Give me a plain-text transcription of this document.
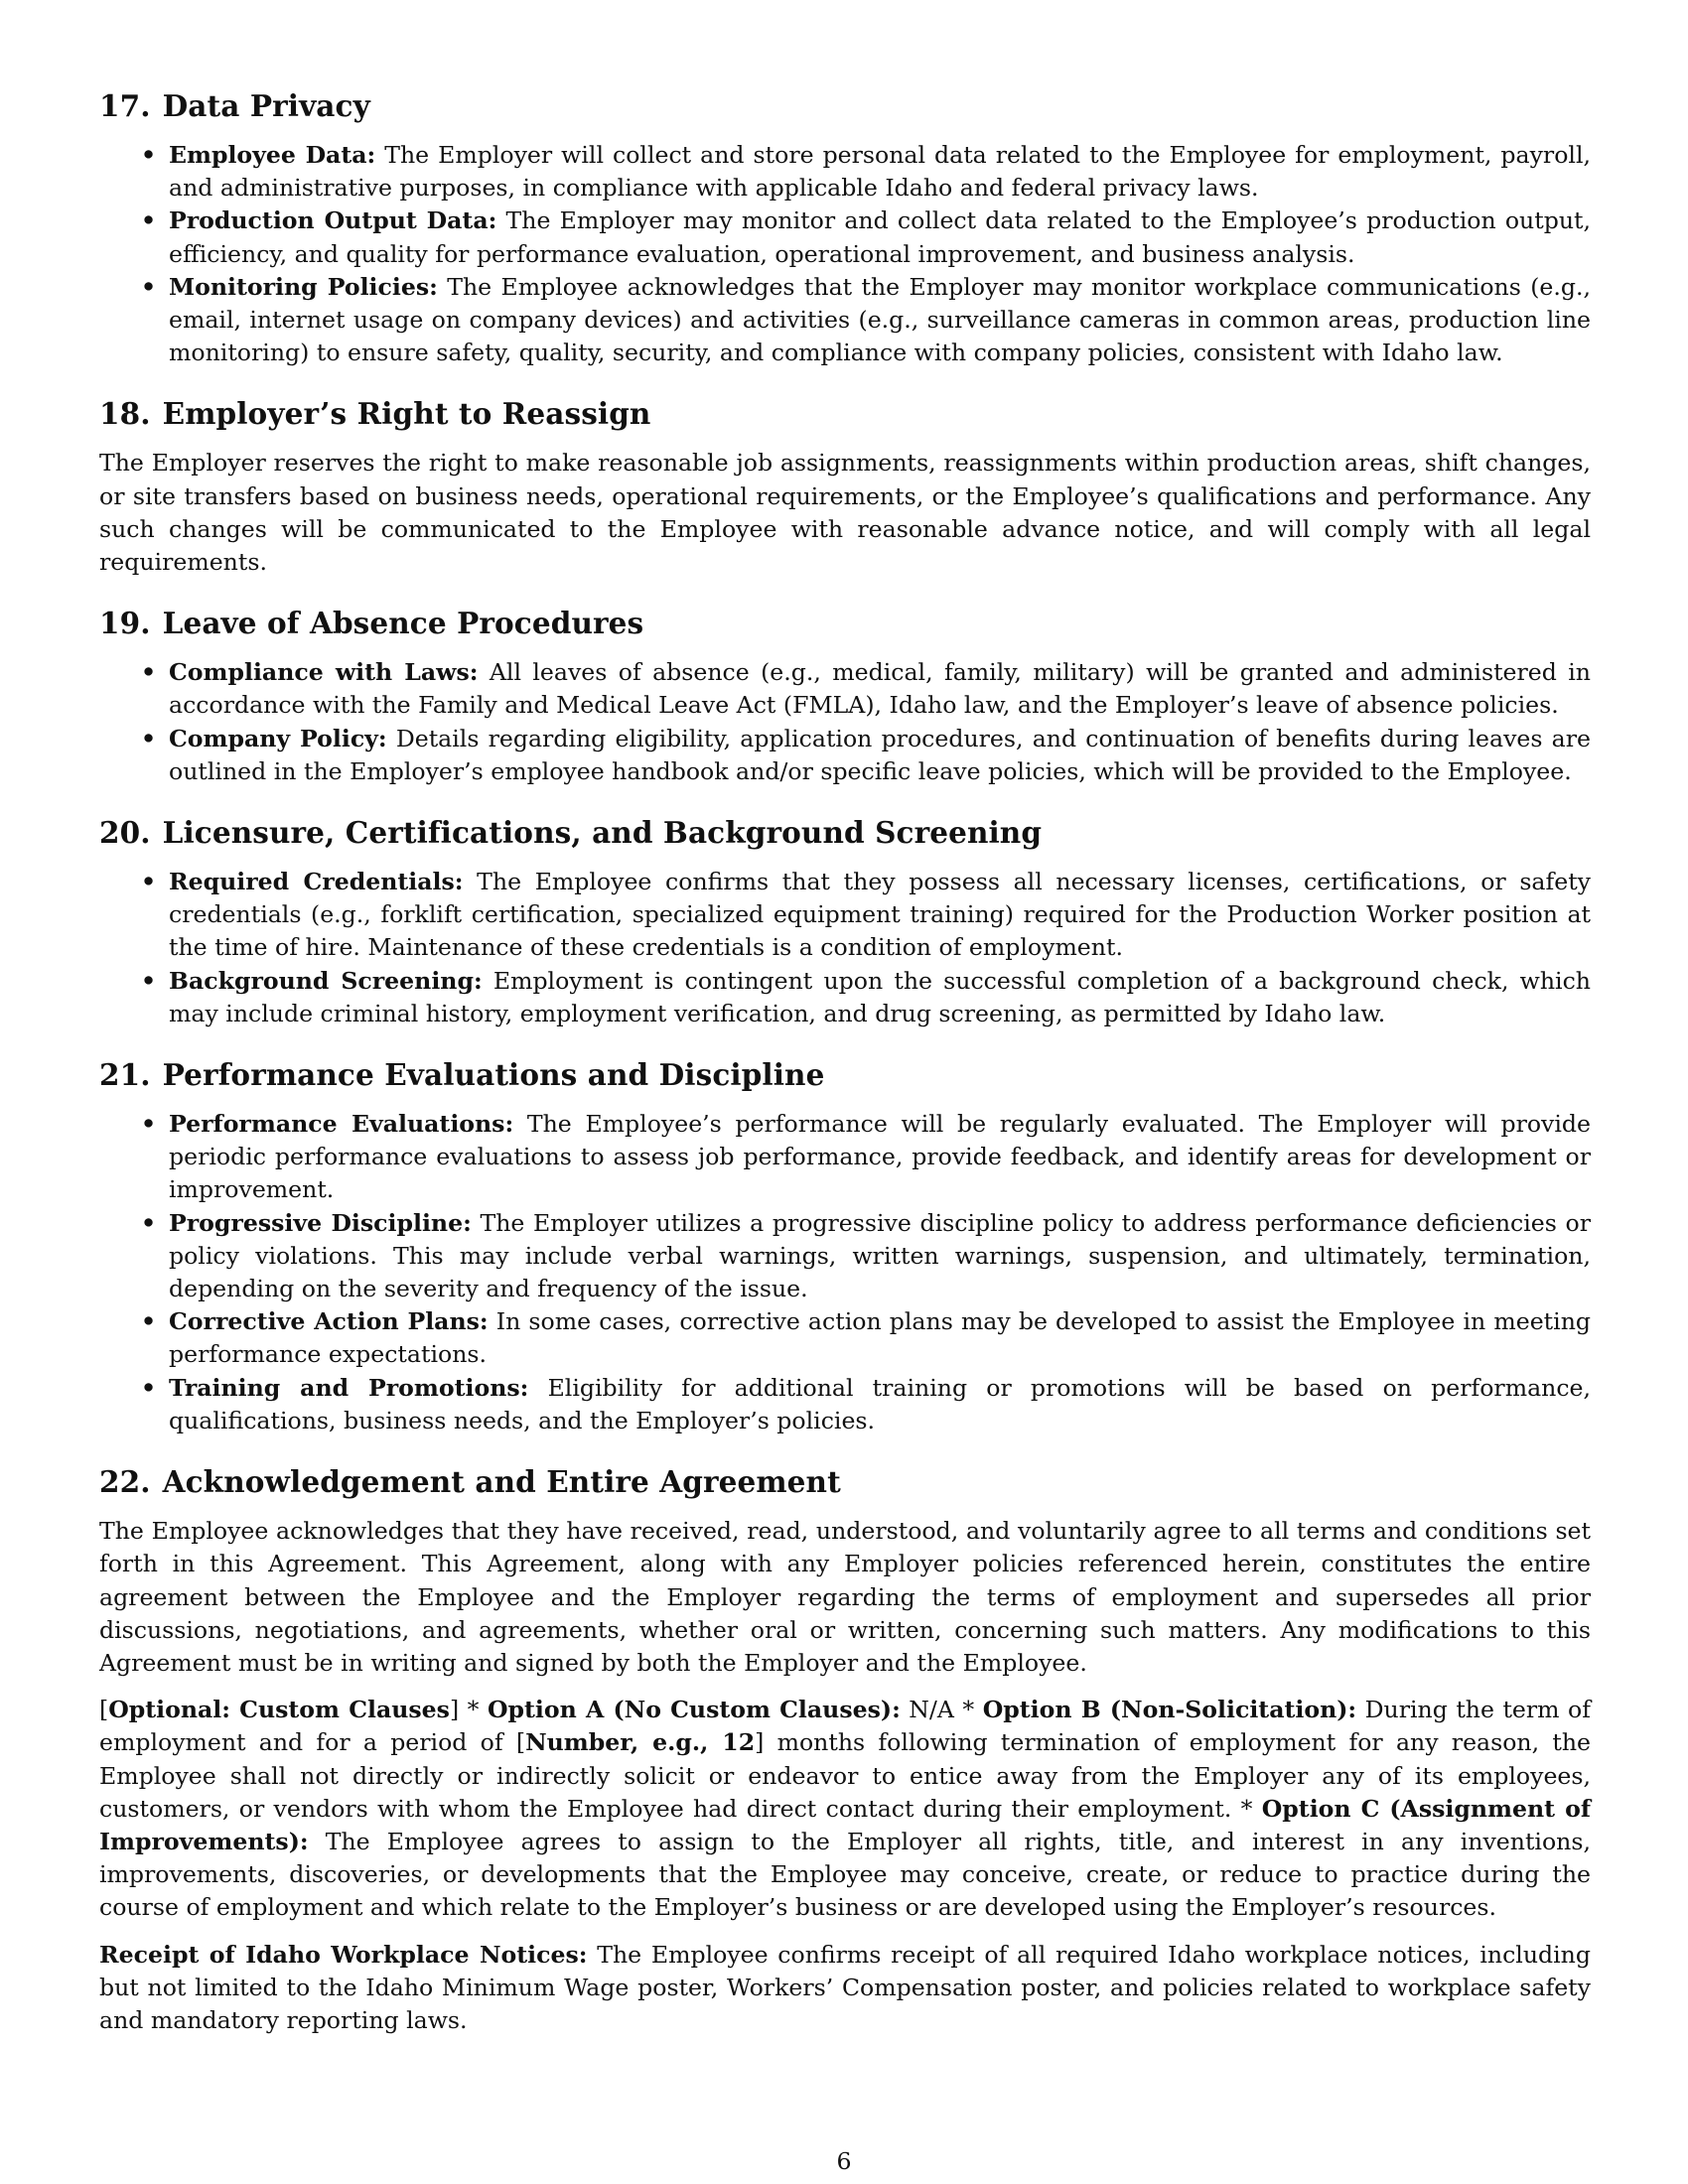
17. Data Privacy
• Employee Data: The Employer will collect and store personal data related to the Employee for employment, payroll, and administrative purposes, in compliance with applicable Idaho and federal privacy laws.
• Production Output Data: The Employer may monitor and collect data related to the Employee’s production output, efficiency, and quality for performance evaluation, operational improvement, and business analysis.
• Monitoring Policies: The Employee acknowledges that the Employer may monitor workplace communications (e.g., email, internet usage on company devices) and activities (e.g., surveillance cameras in common areas, production line monitoring) to ensure safety, quality, security, and compliance with company policies, consistent with Idaho law.
18. Employer’s Right to Reassign

The Employer reserves the right to make reasonable job assignments, reassignments within production areas, shift changes, or site transfers based on business needs, operational requirements, or the Employee’s qualifications and performance. Any such changes will be communicated to the Employee with reasonable advance notice, and will comply with all legal requirements.

19. Leave of Absence Procedures
• Compliance with Laws: All leaves of absence (e.g., medical, family, military) will be granted and administered in accordance with the Family and Medical Leave Act (FMLA), Idaho law, and the Employer’s leave of absence policies.
• Company Policy: Details regarding eligibility, application procedures, and continuation of benefits during leaves are outlined in the Employer’s employee handbook and/or specific leave policies, which will be provided to the Employee.
20. Licensure, Certifications, and Background Screening
• Required Credentials: The Employee confirms that they possess all necessary licenses, certifications, or safety credentials (e.g., forklift certification, specialized equipment training) required for the Production Worker position at the time of hire. Maintenance of these credentials is a condition of employment.
• Background Screening: Employment is contingent upon the successful completion of a background check, which may include criminal history, employment verification, and drug screening, as permitted by Idaho law.
21. Performance Evaluations and Discipline
• Performance Evaluations: The Employee’s performance will be regularly evaluated. The Employer will provide periodic performance evaluations to assess job performance, provide feedback, and identify areas for development or improvement.
• Progressive Discipline: The Employer utilizes a progressive discipline policy to address performance deficiencies or policy violations. This may include verbal warnings, written warnings, suspension, and ultimately, termination, depending on the severity and frequency of the issue.
• Corrective Action Plans: In some cases, corrective action plans may be developed to assist the Employee in meeting performance expectations.
• Training and Promotions: Eligibility for additional training or promotions will be based on performance, qualifications, business needs, and the Employer’s policies.
22. Acknowledgement and Entire Agreement

The Employee acknowledges that they have received, read, understood, and voluntarily agree to all terms and conditions set forth in this Agreement. This Agreement, along with any Employer policies referenced herein, constitutes the entire agreement between the Employee and the Employer regarding the terms of employment and supersedes all prior discussions, negotiations, and agreements, whether oral or written, concerning such matters. Any modifications to this Agreement must be in writing and signed by both the Employer and the Employee.

[Optional: Custom Clauses] * Option A (No Custom Clauses): N/A * Option B (Non-Solicitation): During the term of employment and for a period of [Number, e.g., 12] months following termination of employment for any reason, the Employee shall not directly or indirectly solicit or endeavor to entice away from the Employer any of its employees, customers, or vendors with whom the Employee had direct contact during their employment. * Option C (Assignment of Improvements): The Employee agrees to assign to the Employer all rights, title, and interest in any inventions, improvements, discoveries, or developments that the Employee may conceive, create, or reduce to practice during the course of employment and which relate to the Employer’s business or are developed using the Employer’s resources.

Receipt of Idaho Workplace Notices: The Employee confirms receipt of all required Idaho workplace notices, including but not limited to the Idaho Minimum Wage poster, Workers’ Compensation poster, and policies related to workplace safety and mandatory reporting laws.

6
